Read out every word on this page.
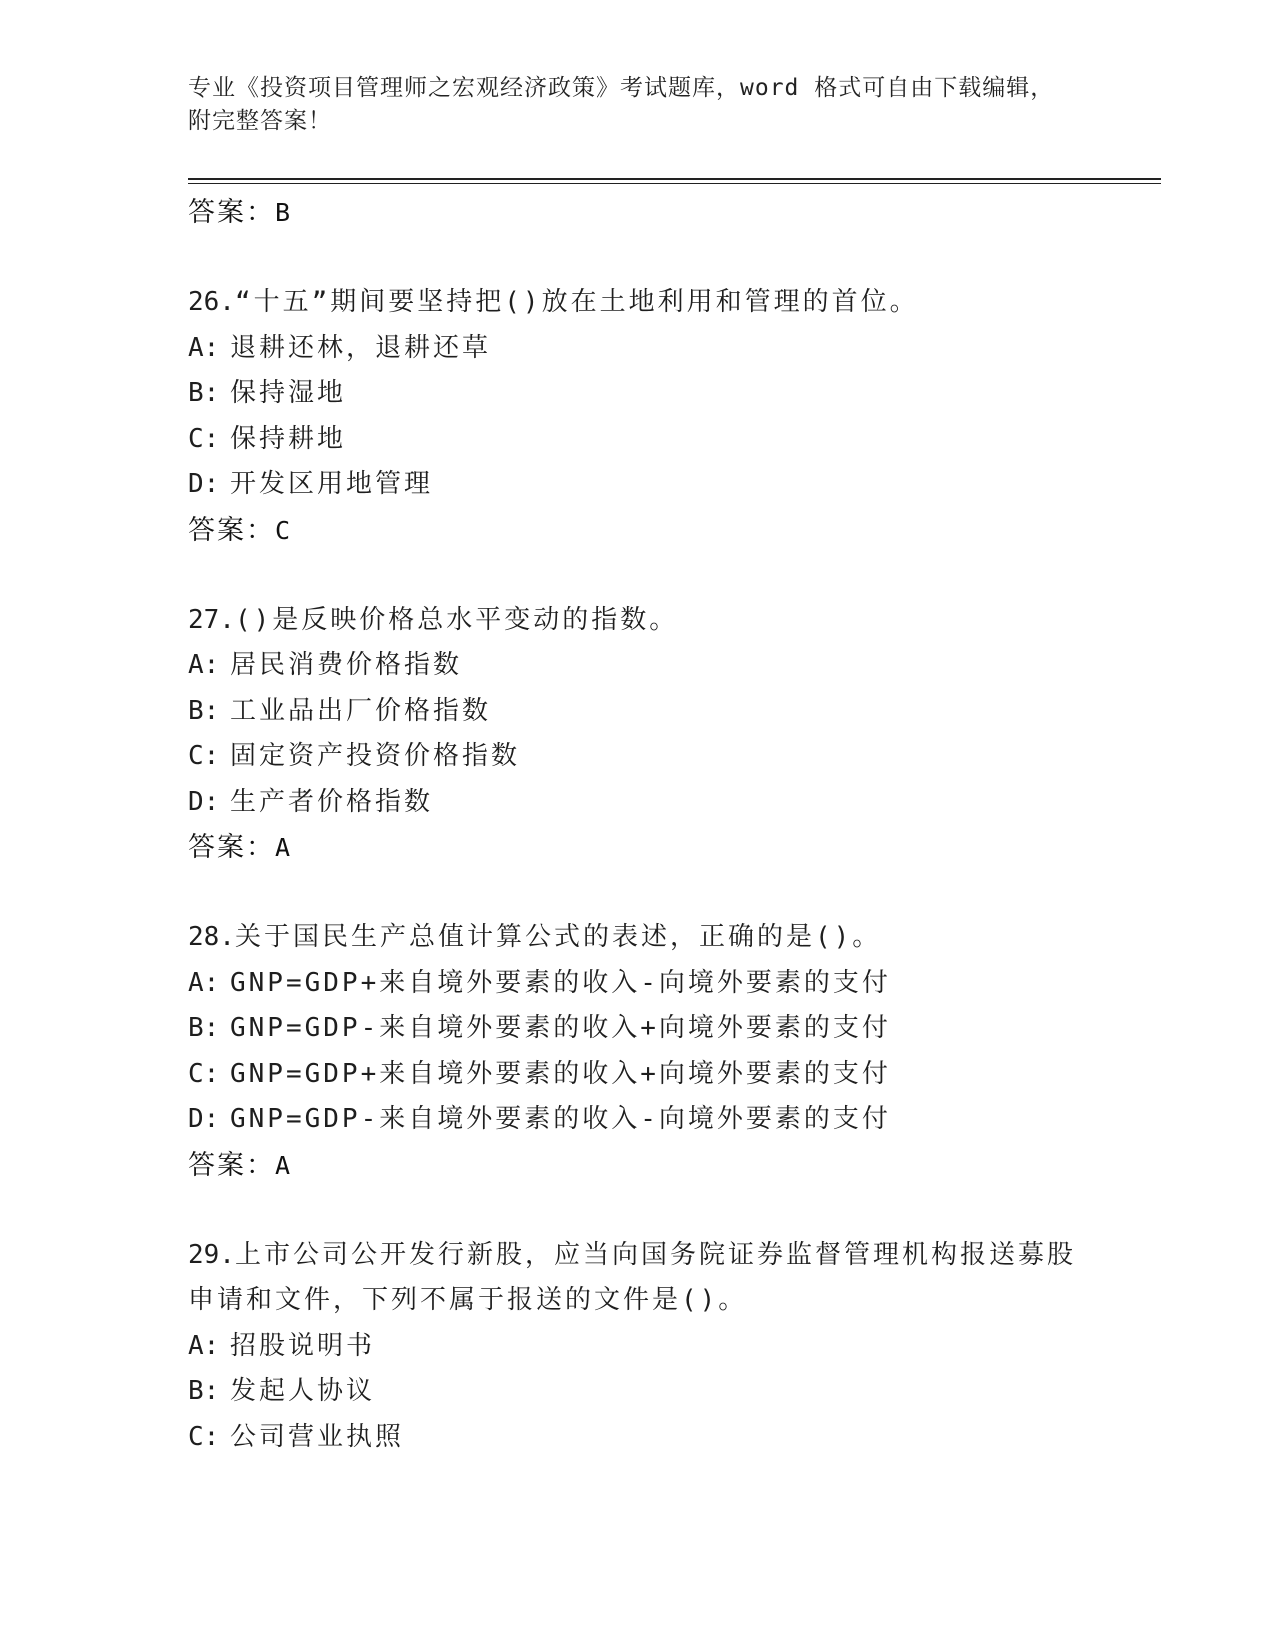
专业《投资项目管理师之宏观经济政策》考试题库，word 格式可自由下载编辑，
附完整答案！
答案：B
26.“十五”期间要坚持把()放在土地利用和管理的首位。
A: 退耕还林，退耕还草
B: 保持湿地
C: 保持耕地
D: 开发区用地管理
答案：C
27.()是反映价格总水平变动的指数。
A: 居民消费价格指数
B: 工业品出厂价格指数
C: 固定资产投资价格指数
D: 生产者价格指数
答案：A
28.关于国民生产总值计算公式的表述，正确的是()。
A: GNP=GDP+来自境外要素的收入-向境外要素的支付
B: GNP=GDP-来自境外要素的收入+向境外要素的支付
C: GNP=GDP+来自境外要素的收入+向境外要素的支付
D: GNP=GDP-来自境外要素的收入-向境外要素的支付
答案：A
29.上市公司公开发行新股，应当向国务院证券监督管理机构报送募股
申请和文件，下列不属于报送的文件是()。
A: 招股说明书
B: 发起人协议
C: 公司营业执照
